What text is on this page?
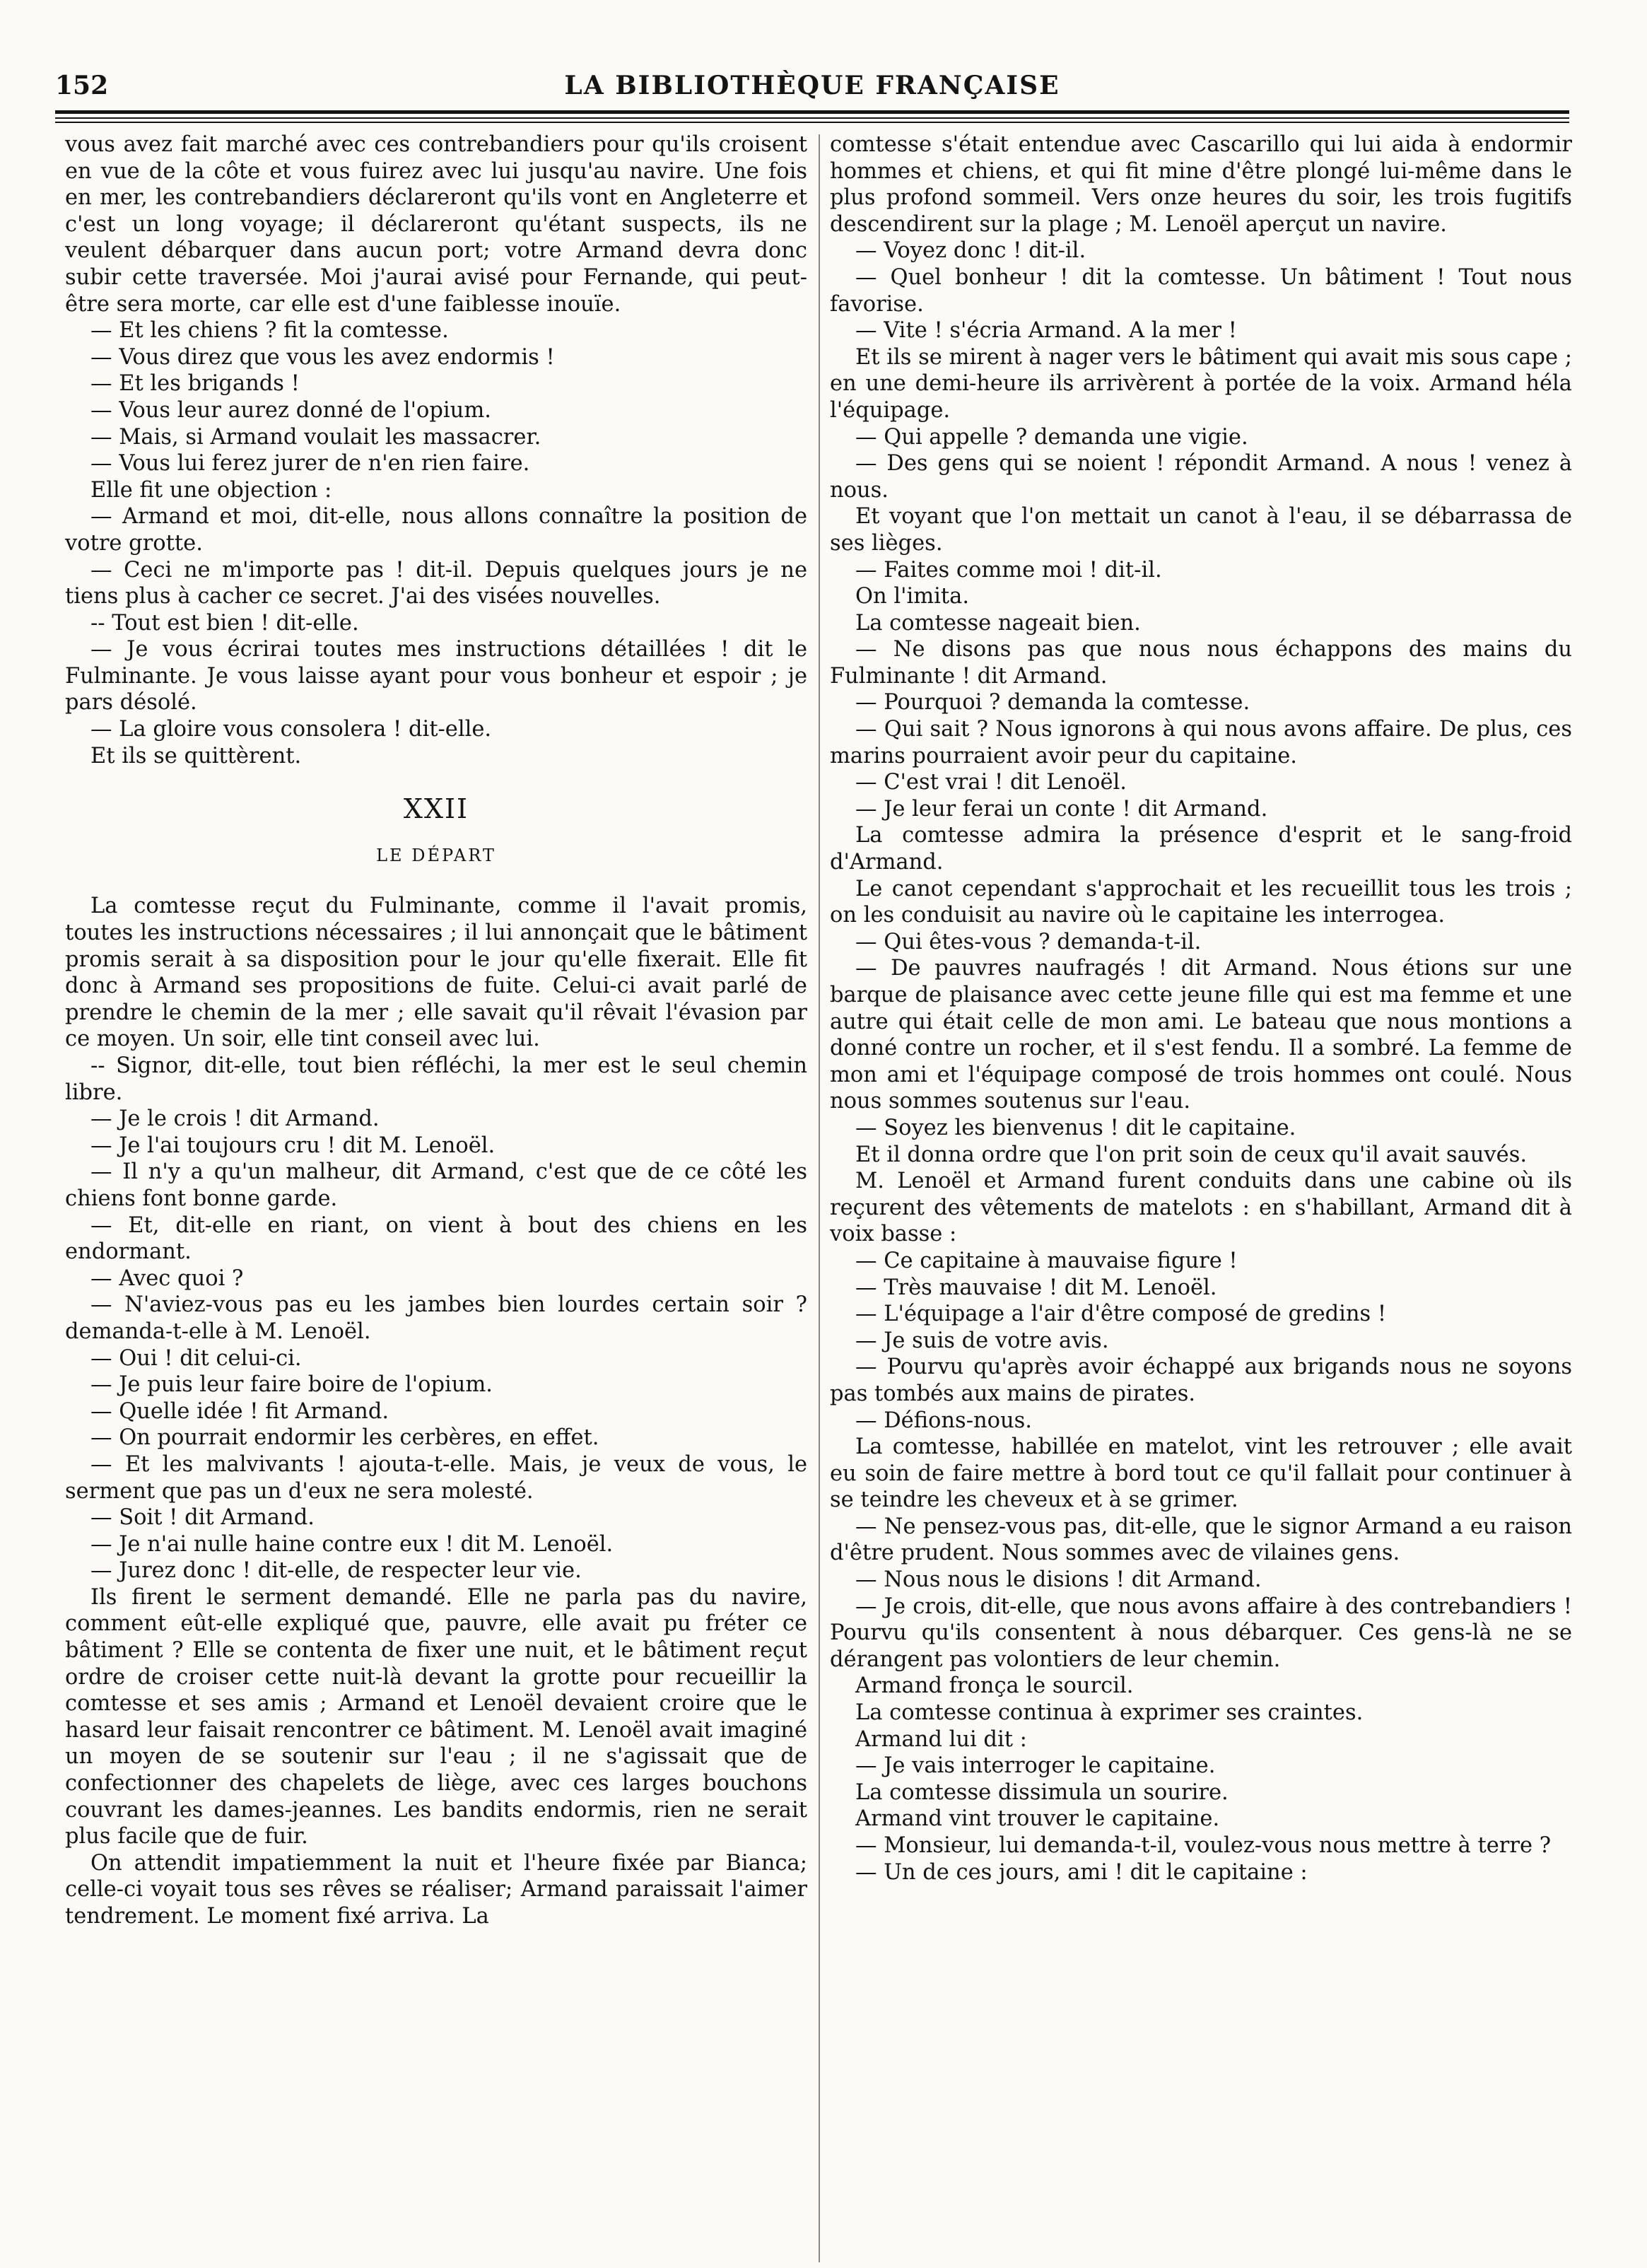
152	LA BIBLIOTHÈQUE FRANÇAISE

vous avez fait marché avec ces contrebandiers pour qu'ils croisent en vue de la côte et vous fuirez avec lui jusqu'au navire. Une fois en mer, les contrebandiers déclareront qu'ils vont en Angleterre et c'est un long voyage; il déclareront qu'étant suspects, ils ne veulent débarquer dans aucun port; votre Armand devra donc subir cette traversée. Moi j'aurai avisé pour Fernande, qui peut-être sera morte, car elle est d'une faiblesse inouïe.

— Et les chiens ? fit la comtesse.

— Vous direz que vous les avez endormis !

— Et les brigands !

— Vous leur aurez donné de l'opium.

— Mais, si Armand voulait les massacrer.

— Vous lui ferez jurer de n'en rien faire.

Elle fit une objection :

— Armand et moi, dit-elle, nous allons connaître la position de votre grotte.

— Ceci ne m'importe pas ! dit-il. Depuis quelques jours je ne tiens plus à cacher ce secret. J'ai des visées nouvelles.

-- Tout est bien ! dit-elle.

— Je vous écrirai toutes mes instructions détaillées ! dit le Fulminante. Je vous laisse ayant pour vous bonheur et espoir ; je pars désolé.

— La gloire vous consolera ! dit-elle.

Et ils se quittèrent.

XXII
LE DÉPART

La comtesse reçut du Fulminante, comme il l'avait promis, toutes les instructions nécessaires ; il lui annonçait que le bâtiment promis serait à sa disposition pour le jour qu'elle fixerait. Elle fit donc à Armand ses propositions de fuite. Celui-ci avait parlé de prendre le chemin de la mer ; elle savait qu'il rêvait l'évasion par ce moyen. Un soir, elle tint conseil avec lui.

-- Signor, dit-elle, tout bien réfléchi, la mer est le seul chemin libre.

— Je le crois ! dit Armand.

— Je l'ai toujours cru ! dit M. Lenoël.

— Il n'y a qu'un malheur, dit Armand, c'est que de ce côté les chiens font bonne garde.

— Et, dit-elle en riant, on vient à bout des chiens en les endormant.

— Avec quoi ?

— N'aviez-vous pas eu les jambes bien lourdes certain soir ? demanda-t-elle à M. Lenoël.

— Oui ! dit celui-ci.

— Je puis leur faire boire de l'opium.

— Quelle idée ! fit Armand.

— On pourrait endormir les cerbères, en effet.

— Et les malvivants ! ajouta-t-elle. Mais, je veux de vous, le serment que pas un d'eux ne sera molesté.

— Soit ! dit Armand.

— Je n'ai nulle haine contre eux ! dit M. Lenoël.

— Jurez donc ! dit-elle, de respecter leur vie.

Ils firent le serment demandé. Elle ne parla pas du navire, comment eût-elle expliqué que, pauvre, elle avait pu fréter ce bâtiment ? Elle se contenta de fixer une nuit, et le bâtiment reçut ordre de croiser cette nuit-là devant la grotte pour recueillir la comtesse et ses amis ; Armand et Lenoël devaient croire que le hasard leur faisait rencontrer ce bâtiment. M. Lenoël avait imaginé un moyen de se soutenir sur l'eau ; il ne s'agissait que de confectionner des chapelets de liège, avec ces larges bouchons couvrant les dames-jeannes. Les bandits endormis, rien ne serait plus facile que de fuir.

On attendit impatiemment la nuit et l'heure fixée par Bianca; celle-ci voyait tous ses rêves se réaliser; Armand paraissait l'aimer tendrement. Le moment fixé arriva. La

comtesse s'était entendue avec Cascarillo qui lui aida à endormir hommes et chiens, et qui fit mine d'être plongé lui-même dans le plus profond sommeil. Vers onze heures du soir, les trois fugitifs descendirent sur la plage ; M. Lenoël aperçut un navire.

— Voyez donc ! dit-il.

— Quel bonheur ! dit la comtesse. Un bâtiment ! Tout nous favorise.

— Vite ! s'écria Armand. A la mer !

Et ils se mirent à nager vers le bâtiment qui avait mis sous cape ; en une demi-heure ils arrivèrent à portée de la voix. Armand héla l'équipage.

— Qui appelle ? demanda une vigie.

— Des gens qui se noient ! répondit Armand. A nous ! venez à nous.

Et voyant que l'on mettait un canot à l'eau, il se débarrassa de ses lièges.

— Faites comme moi ! dit-il.

On l'imita.

La comtesse nageait bien.

— Ne disons pas que nous nous échappons des mains du Fulminante ! dit Armand.

— Pourquoi ? demanda la comtesse.

— Qui sait ? Nous ignorons à qui nous avons affaire. De plus, ces marins pourraient avoir peur du capitaine.

— C'est vrai ! dit Lenoël.

— Je leur ferai un conte ! dit Armand.

La comtesse admira la présence d'esprit et le sang-froid d'Armand.

Le canot cependant s'approchait et les recueillit tous les trois ; on les conduisit au navire où le capitaine les interrogea.

— Qui êtes-vous ? demanda-t-il.

— De pauvres naufragés ! dit Armand. Nous étions sur une barque de plaisance avec cette jeune fille qui est ma femme et une autre qui était celle de mon ami. Le bateau que nous montions a donné contre un rocher, et il s'est fendu. Il a sombré. La femme de mon ami et l'équipage composé de trois hommes ont coulé. Nous nous sommes soutenus sur l'eau.

— Soyez les bienvenus ! dit le capitaine.

Et il donna ordre que l'on prit soin de ceux qu'il avait sauvés.

M. Lenoël et Armand furent conduits dans une cabine où ils reçurent des vêtements de matelots : en s'habillant, Armand dit à voix basse :

— Ce capitaine à mauvaise figure !

— Très mauvaise ! dit M. Lenoël.

— L'équipage a l'air d'être composé de gredins !

— Je suis de votre avis.

— Pourvu qu'après avoir échappé aux brigands nous ne soyons pas tombés aux mains de pirates.

— Défions-nous.

La comtesse, habillée en matelot, vint les retrouver ; elle avait eu soin de faire mettre à bord tout ce qu'il fallait pour continuer à se teindre les cheveux et à se grimer.

— Ne pensez-vous pas, dit-elle, que le signor Armand a eu raison d'être prudent. Nous sommes avec de vilaines gens.

— Nous nous le disions ! dit Armand.

— Je crois, dit-elle, que nous avons affaire à des contrebandiers ! Pourvu qu'ils consentent à nous débarquer. Ces gens-là ne se dérangent pas volontiers de leur chemin.

Armand fronça le sourcil.

La comtesse continua à exprimer ses craintes.

Armand lui dit :

— Je vais interroger le capitaine.

La comtesse dissimula un sourire.

Armand vint trouver le capitaine.

— Monsieur, lui demanda-t-il, voulez-vous nous mettre à terre ?

— Un de ces jours, ami ! dit le capitaine :
